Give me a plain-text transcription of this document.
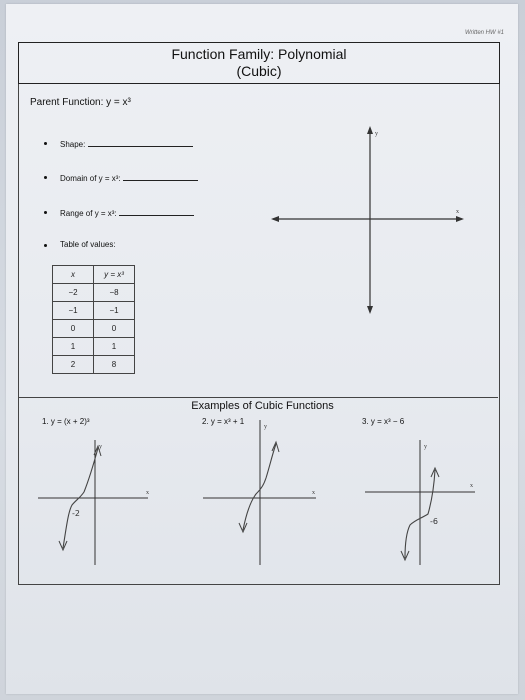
Written HW #1
Function Family: Polynomial
(Cubic)
Parent Function: y = x³
Shape:
Domain of y = x³:
Range of y = x³:
Table of values:
x	y = x³
−2	−8
−1	−1
0	0
1	1
2	8
y
x
Examples of Cubic Functions
1. y = (x + 2)³	2. y = x³ + 1	3. y = x³ − 6
y
x
-2
y
x
y
x
-6
